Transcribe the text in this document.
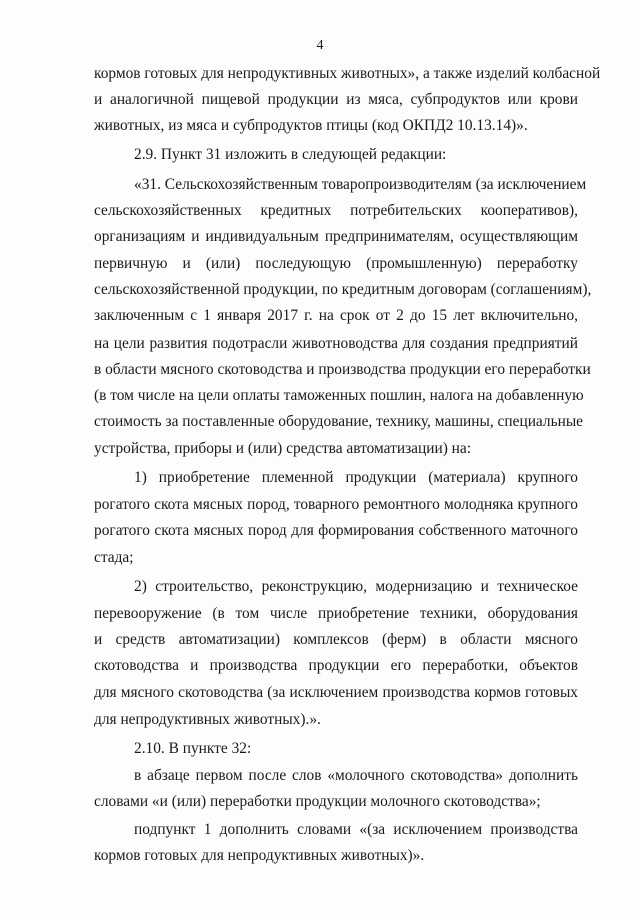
4
кормов готовых для непродуктивных животных», а также изделий колбасной
и аналогичной пищевой продукции из мяса, субпродуктов или крови
животных, из мяса и субпродуктов птицы (код ОКПД2 10.13.14)».
2.9. Пункт 31 изложить в следующей редакции:
«31. Сельскохозяйственным товаропроизводителям (за исключением
сельскохозяйственных кредитных потребительских кооперативов),
организациям и индивидуальным предпринимателям, осуществляющим
первичную и (или) последующую (промышленную) переработку
сельскохозяйственной продукции, по кредитным договорам (соглашениям),
заключенным с 1 января 2017 г. на срок от 2 до 15 лет включительно,
на цели развития подотрасли животноводства для создания предприятий
в области мясного скотоводства и производства продукции его переработки
(в том числе на цели оплаты таможенных пошлин, налога на добавленную
стоимость за поставленные оборудование, технику, машины, специальные
устройства, приборы и (или) средства автоматизации) на:
1) приобретение племенной продукции (материала) крупного
рогатого скота мясных пород, товарного ремонтного молодняка крупного
рогатого скота мясных пород для формирования собственного маточного
стада;
2) строительство, реконструкцию, модернизацию и техническое
перевооружение (в том числе приобретение техники, оборудования
и средств автоматизации) комплексов (ферм) в области мясного
скотоводства и производства продукции его переработки, объектов
для мясного скотоводства (за исключением производства кормов готовых
для непродуктивных животных).».
2.10. В пункте 32:
в абзаце первом после слов «молочного скотоводства» дополнить
словами «и (или) переработки продукции молочного скотоводства»;
подпункт 1 дополнить словами «(за исключением производства
кормов готовых для непродуктивных животных)».
